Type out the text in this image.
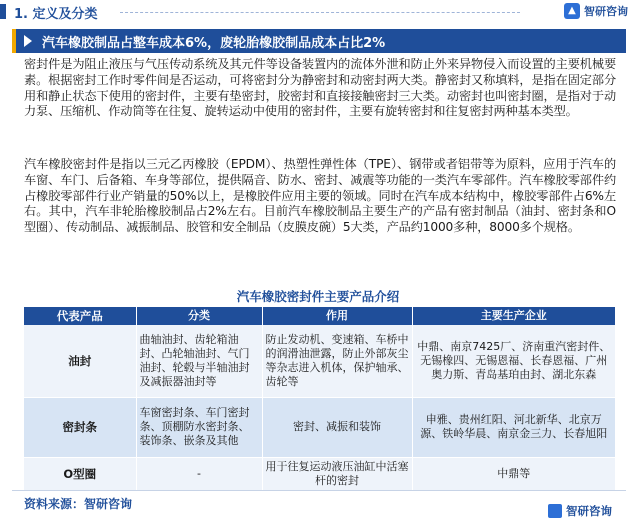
1. 定义及分类	▲ 智研咨询
汽车橡胶制品占整车成本6%，废轮胎橡胶制品成本占比2%
密封件是为阻止液压与气压传动系统及其元件等设备装置内的流体外泄和防止外来异物侵入而设置的主要机械要素。根据密封工作时零件间是否运动，可将密封分为静密封和动密封两大类。静密封又称填料，是指在固定部分用和静止状态下使用的密封件，主要有垫密封，胶密封和直接接触密封三大类。动密封也叫密封圈，是指对于动力泵、压缩机、作动筒等在往复、旋转运动中使用的密封件，主要有旋转密封和往复密封两种基本类型。
汽车橡胶密封件是指以三元乙丙橡胶（EPDM）、热塑性弹性体（TPE）、钢带或者铝带等为原料，应用于汽车的车窗、车门、后备箱、车身等部位，提供隔音、防水、密封、减震等功能的一类汽车零部件。汽车橡胶零部件约占橡胶零部件行业产销量的50%以上，是橡胶件应用主要的领域。同时在汽车成本结构中，橡胶零部件占6%左右。其中，汽车非轮胎橡胶制品占2%左右。目前汽车橡胶制品主要生产的产品有密封制品（油封、密封条和O型圈）、传动制品、减振制品、胶管和安全制品（皮膜皮碗）5大类，产品约1000多种，8000多个规格。
汽车橡胶密封件主要产品介绍
代表产品	分类	作用	主要生产企业
油封	曲轴油封、齿轮箱油封、凸轮轴油封、气门油封、轮毂与半轴油封及减振器油封等	防止发动机、变速箱、车桥中的润滑油泄露，防止外部灰尘等杂志进入机体，保护轴承、齿轮等	中鼎、南京7425厂、济南重汽密封件、无锡橡四、无锡恩福、长春恩福、广州奥力斯、青岛基珀由封、湖北东森
密封条	车窗密封条、车门密封条、顶棚防水密封条、装饰条、嵌条及其他	密封、减振和装饰	申雅、贵州红阳、河北新华、北京万源、铁岭华晨、南京金三力、长春旭阳
O型圈	-	用于往复运动液压油缸中活塞杆的密封	中鼎等
资料来源：智研咨询	智研咨询
